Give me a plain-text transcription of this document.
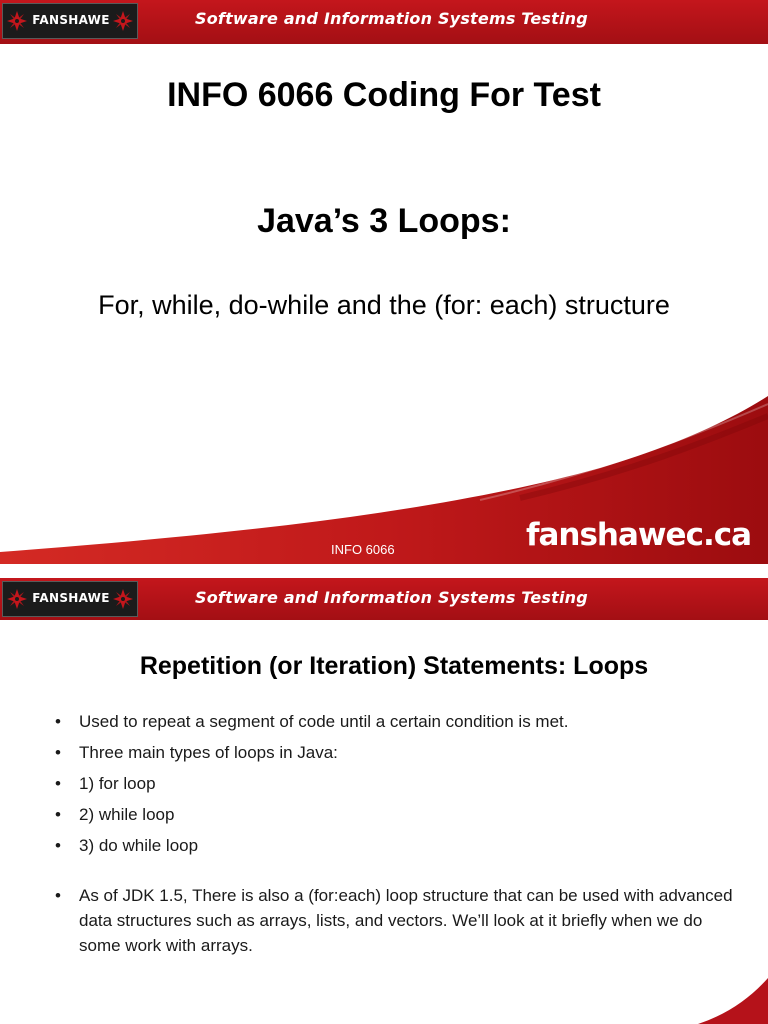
FANSHAWE	Software and Information Systems Testing
INFO 6066 Coding For Test
Java’s 3 Loops:
For, while, do-while and the (for: each) structure
INFO 6066	fanshawec.ca
FANSHAWE	Software and Information Systems Testing
Repetition (or Iteration) Statements: Loops
• Used to repeat a segment of code until a certain condition is met.
• Three main types of loops in Java:
• 1) for loop
• 2) while loop
• 3) do while loop
• As of JDK 1.5, There is also a (for:each) loop structure that can be used with advanced data structures such as arrays, lists, and vectors. We’ll look at it briefly when we do some work with arrays.
